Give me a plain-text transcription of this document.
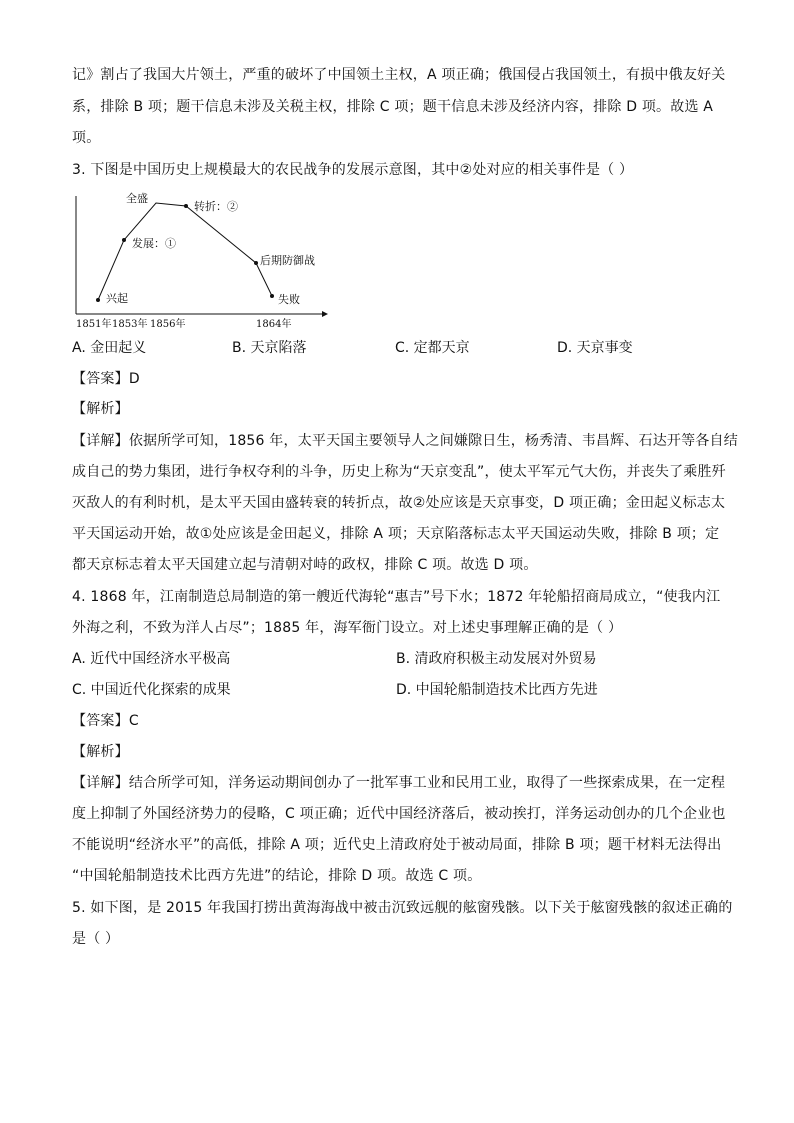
记》割占了我国大片领土，严重的破坏了中国领土主权，A 项正确；俄国侵占我国领土，有损中俄友好关
系，排除 B 项；题干信息未涉及关税主权，排除 C 项；题干信息未涉及经济内容，排除 D 项。故选 A
项。
3. 下图是中国历史上规模最大的农民战争的发展示意图，其中②处对应的相关事件是（ ）
兴起
发展：①
全盛
转折：②
后期防御战
失败
1851年 1853年 1856年	1864年
A. 金田起义	B. 天京陷落	C. 定都天京	D. 天京事变
【答案】D
【解析】
【详解】依据所学可知，1856 年，太平天国主要领导人之间嫌隙日生，杨秀清、韦昌辉、石达开等各自结
成自己的势力集团，进行争权夺利的斗争，历史上称为“天京变乱”，使太平军元气大伤，并丧失了乘胜歼
灭敌人的有利时机，是太平天国由盛转衰的转折点，故②处应该是天京事变，D 项正确；金田起义标志太
平天国运动开始，故①处应该是金田起义，排除 A 项；天京陷落标志太平天国运动失败，排除 B 项；定
都天京标志着太平天国建立起与清朝对峙的政权，排除 C 项。故选 D 项。
4. 1868 年，江南制造总局制造的第一艘近代海轮“惠吉”号下水；1872 年轮船招商局成立，“使我内江
外海之利，不致为洋人占尽”；1885 年，海军衙门设立。对上述史事理解正确的是（ ）
A. 近代中国经济水平极高	B. 清政府积极主动发展对外贸易
C. 中国近代化探索的成果	D. 中国轮船制造技术比西方先进
【答案】C
【解析】
【详解】结合所学可知，洋务运动期间创办了一批军事工业和民用工业，取得了一些探索成果，在一定程
度上抑制了外国经济势力的侵略，C 项正确；近代中国经济落后，被动挨打，洋务运动创办的几个企业也
不能说明“经济水平”的高低，排除 A 项；近代史上清政府处于被动局面，排除 B 项；题干材料无法得出
“中国轮船制造技术比西方先进”的结论，排除 D 项。故选 C 项。
5. 如下图，是 2015 年我国打捞出黄海海战中被击沉致远舰的舷窗残骸。以下关于舷窗残骸的叙述正确的
是（ ）
